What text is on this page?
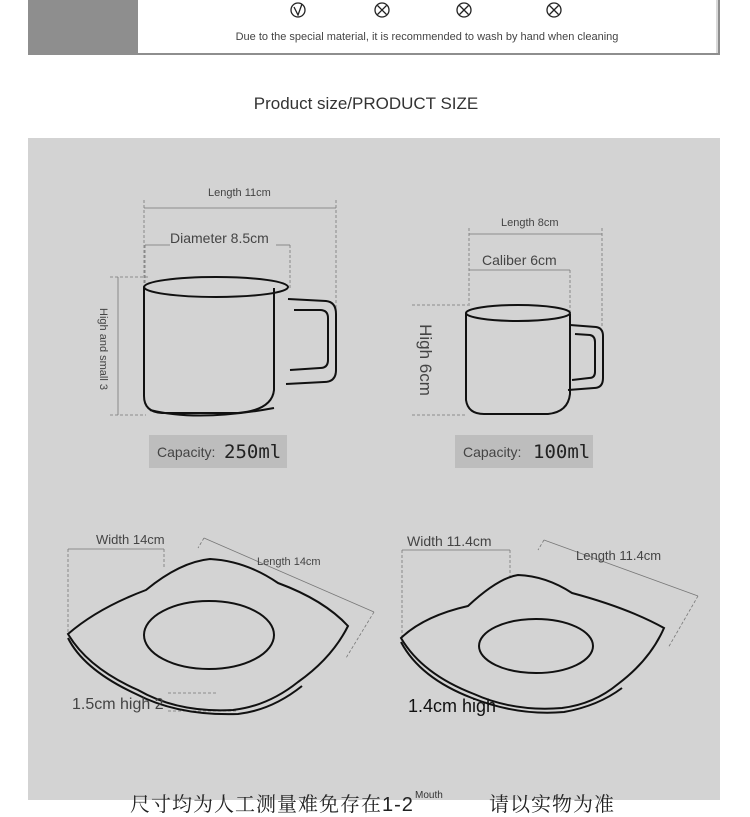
Due to the special material, it is recommended to wash by hand when cleaning
Product size/PRODUCT SIZE
Length 11cm
Diameter 8.5cm
High and small 3
Capacity: 250ml
Length 8cm
Caliber 6cm
High 6cm
Capacity: 100ml
Width 14cm
Length 14cm
1.5cm high 2
Width 11.4cm
Length 11.4cm
1.4cm high
尺寸均为人工测量难免存在1-2	请以实物为准
Mouth
